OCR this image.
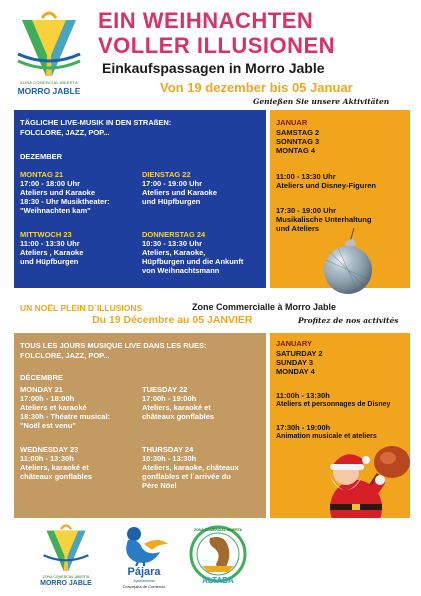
ZONA COMERCIAL ABIERTA
MORRO JABLE
EIN WEIHNACHTEN
VOLLER ILLUSIONEN
Einkaufspassagen in Morro Jable
Von 19 dezember bis 05 Januar
Genießen Sie unsere Aktivitäten
TÄGLICHE LIVE-MUSIK IN DEN STRAßEN:
FOLCLORE, JAZZ, POP...
DEZEMBER
MONTAG 21
17:00 - 18:00 Uhr
Ateliers und Karaoke
18:30 - Uhr Musiktheater:
"Weihnachten kam"
DIENSTAG 22
17:00 - 19:00 Uhr
Ateliers und Karaoke
und Hüpfburgen
MITTWOCH 23
11:00 - 13:30 Uhr
Ateliers , Karaoke
und Hüpfburgen
DONNERSTAG 24
10:30 - 13:30 Uhr
Ateliers, Karaoke,
Hüpfburgen und die Ankunft
von Weihnachtsmann
JANUAR
SAMSTAG 2
SONNTAG 3
MONTAG 4
11:00 - 13:30 Uhr
Ateliers und Disney-Figuren
17:30 - 19:00 Uhr
Musikalische Unterhaltung
und Ateliers
UN NOËL PLEIN D´ILLUSIONS	Zone Commercialle à Morro Jable
Du 19 Décembre au 05 JANVIER	Profitez de nos activités
TOUS LES JOURS MUSIQUE LIVE DANS LES RUES:
FOLCLORE, JAZZ, POP...
DÉCEMBRE
MONDAY 21
17:00h - 18:00h
Ateliers et karaoké
18:30h - Théatre musical:
"Noël est venu"
TUESDAY 22
17:00h - 19:00h
Ateliers, karaoké et
châteaux gonflables
WEDNESDAY 23
11:00h - 13:30h
Ateliers, karaoké et
châteaux gonflables
THURSDAY 24
10:30h - 13:30h
Ateliers, karaoke, châteaux
gonflables et l´arrivée du
Père Nöel
JANUARY
SATURDAY 2
SUNDAY 3
MONDAY 4
11:00h - 13:30h
Ateliers et personnages de Disney
17:30h - 19:00h
Animation musicale et ateliers
ZONA COMERCIAL ABIERTA
MORRO JABLE
Pájara
Ayuntamiento
Concejalía de Comercio
ZONA COMERCIAL ABIERTA
ALTABA
